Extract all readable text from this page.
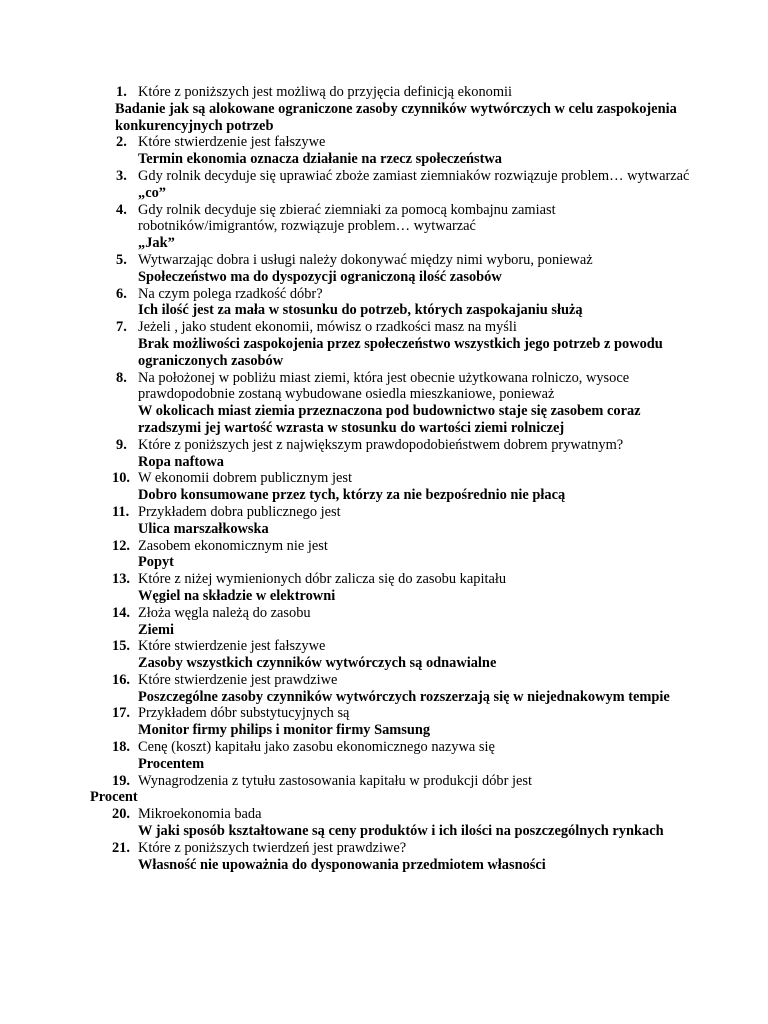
1. Które z poniższych jest możliwą do przyjęcia definicją ekonomii
Badanie jak są alokowane ograniczone zasoby czynników wytwórczych w celu zaspokojenia konkurencyjnych potrzeb
2. Które stwierdzenie jest fałszywe
Termin ekonomia oznacza działanie na rzecz społeczeństwa
3. Gdy rolnik decyduje się uprawiać zboże zamiast ziemniaków rozwiązuje problem… wytwarzać
„co”
4. Gdy rolnik decyduje się zbierać ziemniaki za pomocą kombajnu zamiast robotników/imigrantów, rozwiązuje problem… wytwarzać
„Jak”
5. Wytwarzając dobra i usługi należy dokonywać między nimi wyboru, ponieważ
Społeczeństwo ma do dyspozycji ograniczoną ilość zasobów
6. Na czym polega rzadkość dóbr?
Ich ilość jest za mała w stosunku do potrzeb, których zaspokajaniu służą
7. Jeżeli , jako student ekonomii, mówisz o rzadkości masz na myśli
Brak możliwości zaspokojenia przez społeczeństwo wszystkich jego potrzeb z powodu ograniczonych zasobów
8. Na położonej w pobliżu miast ziemi, która jest obecnie użytkowana rolniczo, wysoce prawdopodobnie zostaną wybudowane osiedla mieszkaniowe, ponieważ
W okolicach miast ziemia przeznaczona pod budownictwo staje się zasobem coraz rzadszymi jej wartość wzrasta w stosunku do wartości ziemi rolniczej
9. Które z poniższych jest z największym prawdopodobieństwem dobrem prywatnym?
Ropa naftowa
10. W ekonomii dobrem publicznym jest
Dobro konsumowane przez tych, którzy za nie bezpośrednio nie płacą
11. Przykładem dobra publicznego jest
Ulica marszałkowska
12. Zasobem ekonomicznym nie jest
Popyt
13. Które z niżej wymienionych dóbr zalicza się do zasobu kapitału
Węgiel na składzie w elektrowni
14. Złoża węgla należą do zasobu
Ziemi
15. Które stwierdzenie jest fałszywe
Zasoby wszystkich czynników wytwórczych są odnawialne
16. Które stwierdzenie jest prawdziwe
Poszczególne zasoby czynników wytwórczych rozszerzają się w niejednakowym tempie
17. Przykładem dóbr substytucyjnych są
Monitor firmy philips i monitor firmy Samsung
18. Cenę (koszt) kapitału jako zasobu ekonomicznego nazywa się
Procentem
19. Wynagrodzenia z tytułu zastosowania kapitału w produkcji dóbr jest
Procent
20. Mikroekonomia bada
W jaki sposób kształtowane są ceny produktów i ich ilości na poszczególnych rynkach
21. Które z poniższych twierdzeń jest prawdziwe?
Własność nie upoważnia do dysponowania przedmiotem własności
